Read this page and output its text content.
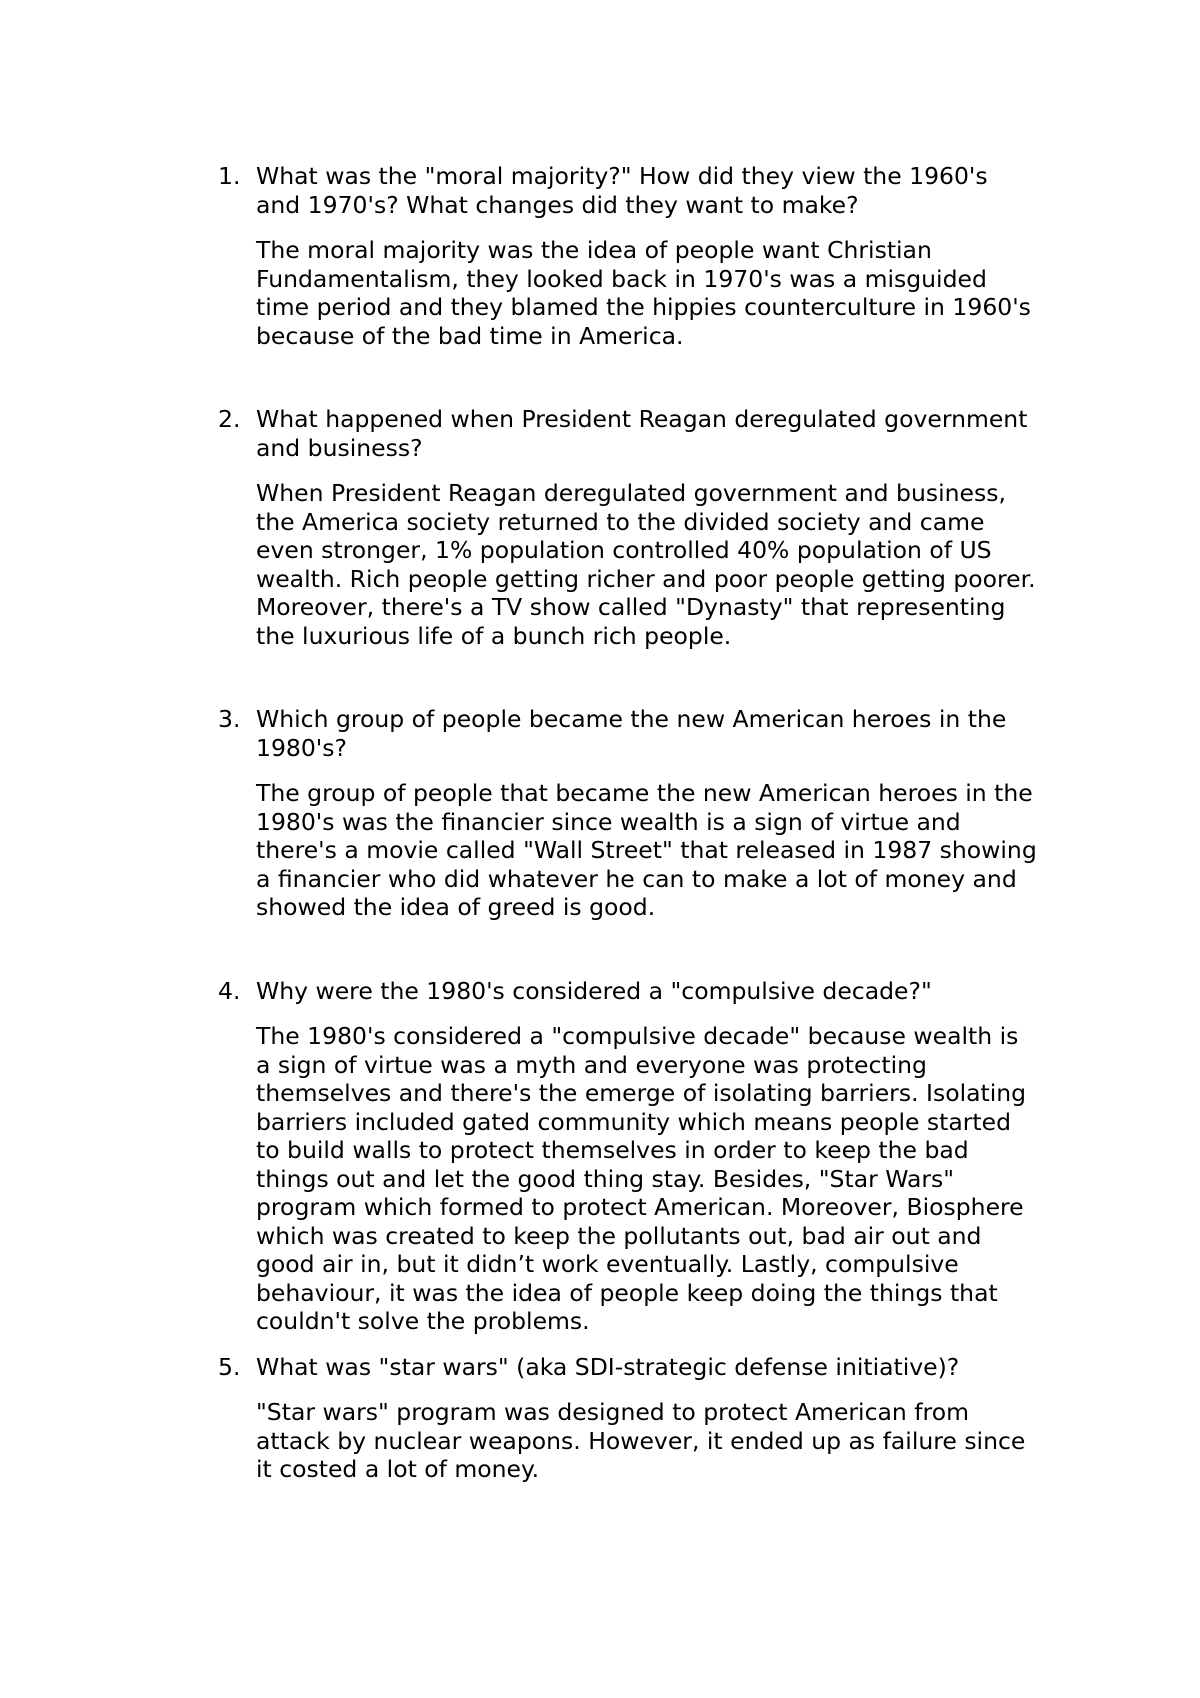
1. What was the "moral majority?" How did they view the 1960's and 1970's? What changes did they want to make?

The moral majority was the idea of people want Christian Fundamentalism, they looked back in 1970's was a misguided time period and they blamed the hippies counterculture in 1960's because of the bad time in America.

2. What happened when President Reagan deregulated government and business?

When President Reagan deregulated government and business, the America society returned to the divided society and came even stronger, 1% population controlled 40% population of US wealth. Rich people getting richer and poor people getting poorer. Moreover, there's a TV show called "Dynasty" that representing the luxurious life of a bunch rich people.

3. Which group of people became the new American heroes in the 1980's?

The group of people that became the new American heroes in the 1980's was the financier since wealth is a sign of virtue and there's a movie called "Wall Street" that released in 1987 showing a financier who did whatever he can to make a lot of money and showed the idea of greed is good.

4. Why were the 1980's considered a "compulsive decade?"

The 1980's considered a "compulsive decade" because wealth is a sign of virtue was a myth and everyone was protecting themselves and there's the emerge of isolating barriers. Isolating barriers included gated community which means people started to build walls to protect themselves in order to keep the bad things out and let the good thing stay. Besides, "Star Wars" program which formed to protect American. Moreover, Biosphere which was created to keep the pollutants out, bad air out and good air in, but it didn’t work eventually. Lastly, compulsive behaviour, it was the idea of people keep doing the things that couldn't solve the problems.

5. What was "star wars" (aka SDI-strategic defense initiative)?

"Star wars" program was designed to protect American from attack by nuclear weapons. However, it ended up as failure since it costed a lot of money.
